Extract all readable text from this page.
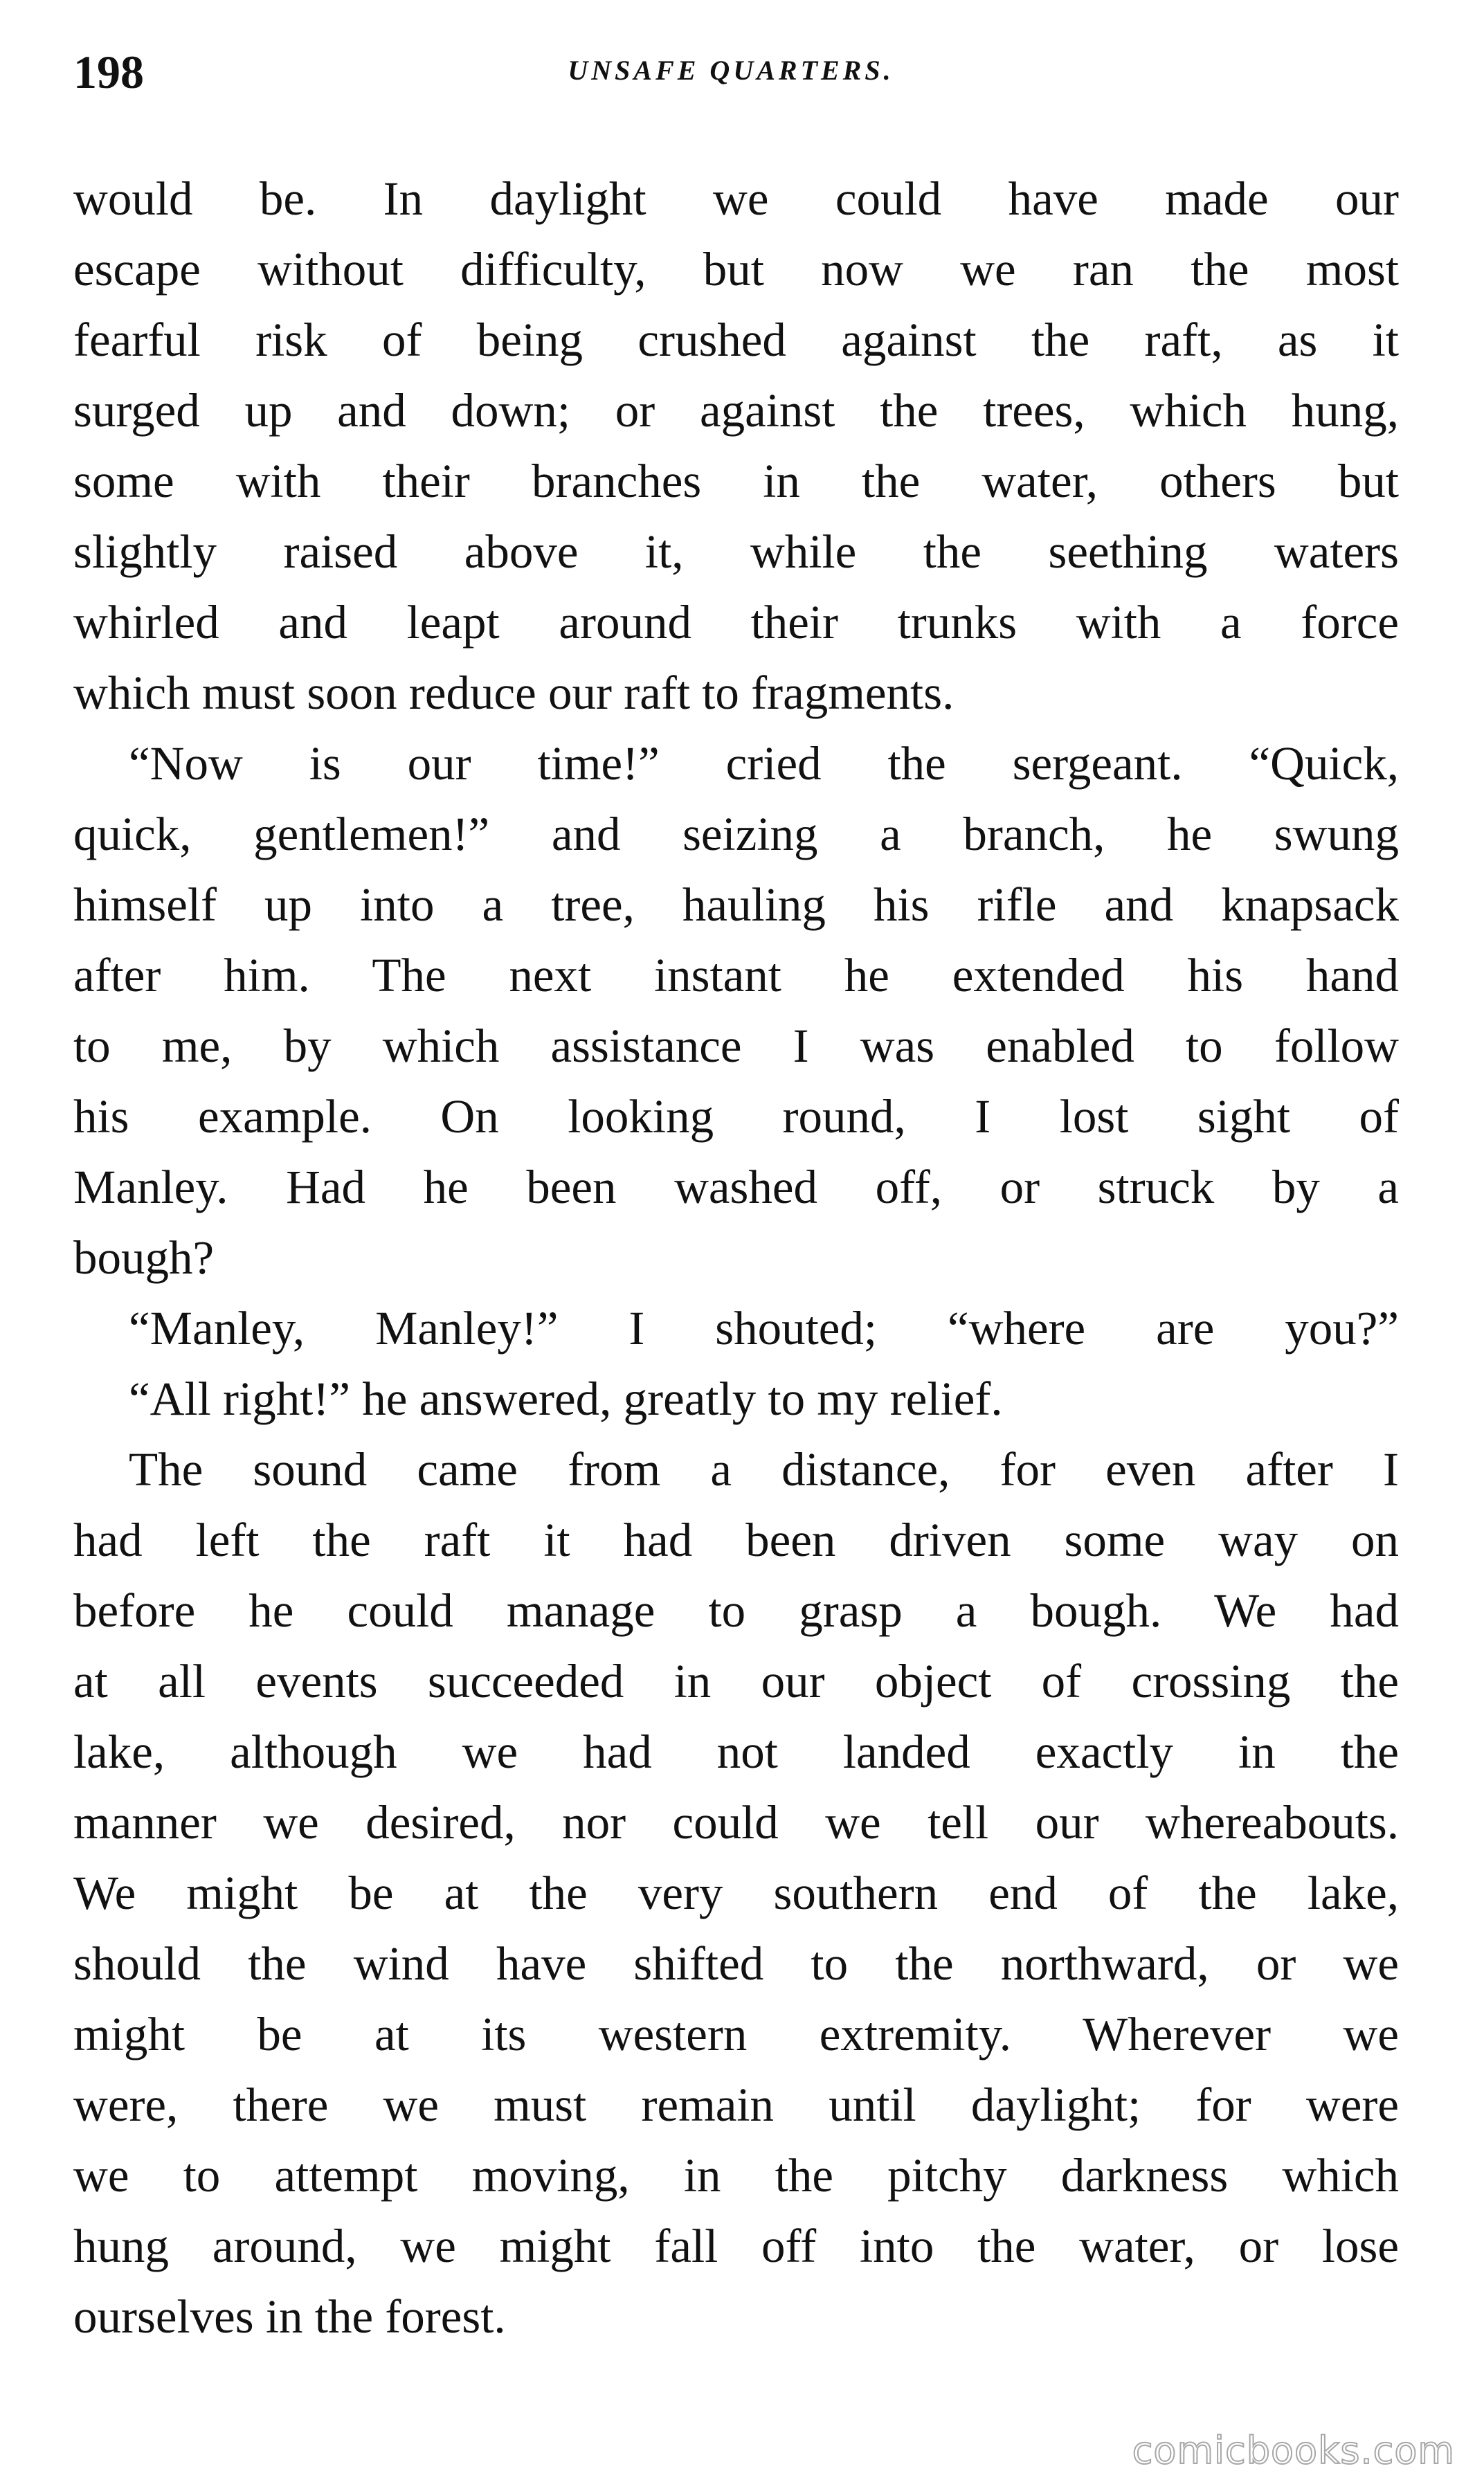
198	UNSAFE QUARTERS.
would be. In daylight we could have made our
escape without difficulty, but now we ran the most
fearful risk of being crushed against the raft, as it
surged up and down; or against the trees, which hung,
some with their branches in the water, others but
slightly raised above it, while the seething waters
whirled and leapt around their trunks with a force
which must soon reduce our raft to fragments.
“Now is our time!” cried the sergeant. “Quick,
quick, gentlemen!” and seizing a branch, he swung
himself up into a tree, hauling his rifle and knapsack
after him. The next instant he extended his hand
to me, by which assistance I was enabled to follow
his example. On looking round, I lost sight of
Manley. Had he been washed off, or struck by a
bough?
“Manley, Manley!” I shouted; “where are you?”
“All right!” he answered, greatly to my relief.
The sound came from a distance, for even after I
had left the raft it had been driven some way on
before he could manage to grasp a bough. We had
at all events succeeded in our object of crossing the
lake, although we had not landed exactly in the
manner we desired, nor could we tell our whereabouts.
We might be at the very southern end of the lake,
should the wind have shifted to the northward, or we
might be at its western extremity. Wherever we
were, there we must remain until daylight; for were
we to attempt moving, in the pitchy darkness which
hung around, we might fall off into the water, or lose
ourselves in the forest.
comicbooks.com
